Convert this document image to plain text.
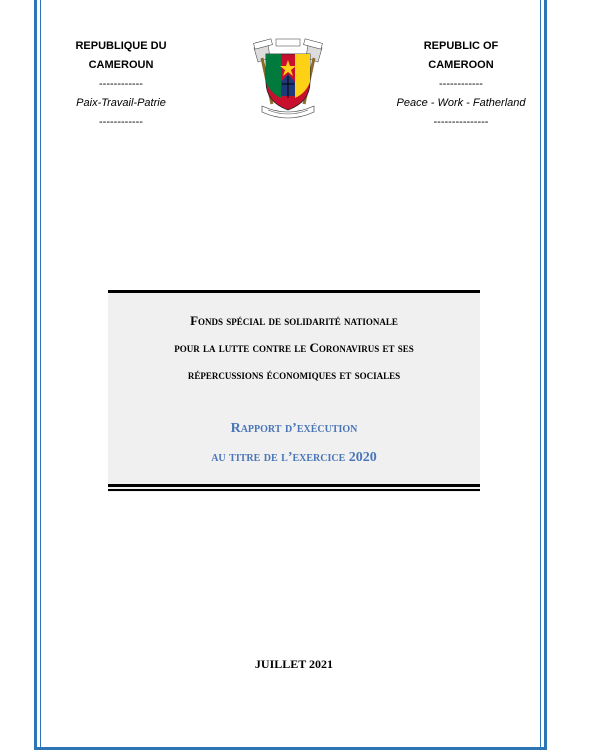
REPUBLIQUE DU
CAMEROUN
------------
Paix-Travail-Patrie
------------
REPUBLIC OF
CAMEROON
------------
Peace - Work - Fatherland
---------------
Fonds spécial de solidarité nationale
pour la lutte contre le Coronavirus et ses
répercussions économiques et sociales
Rapport d’exécution
au titre de l’exercice 2020
JUILLET 2021
